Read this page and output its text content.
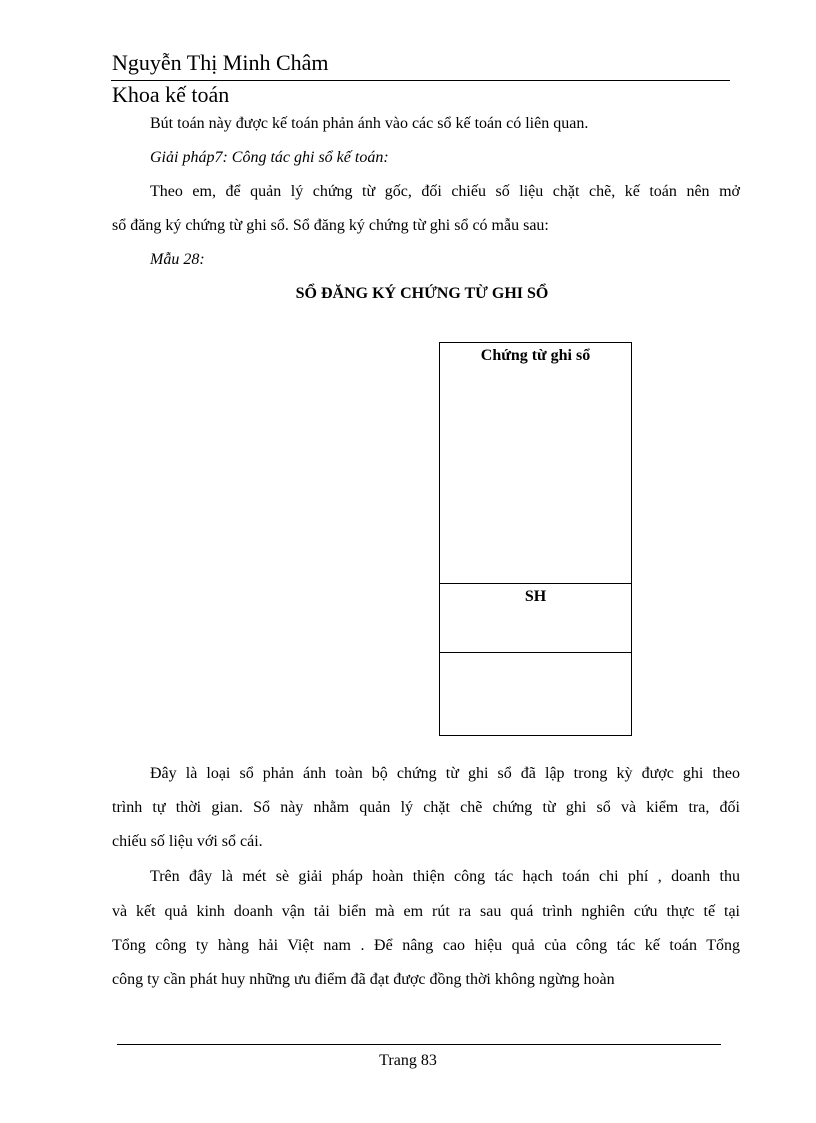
Nguyễn Thị Minh Châm
Khoa kế toán
Bút toán này được kế toán phản ánh vào các sổ kế toán có liên quan.
Giải pháp7: Công tác ghi sổ kế toán:
Theo em, để quản lý chứng từ gốc, đối chiếu số liệu chặt chẽ, kế toán nên mở
sổ đăng ký chứng từ ghi sổ. Sổ đăng ký chứng từ ghi sổ có mẫu sau:
Mẫu 28:
SỔ ĐĂNG KÝ CHỨNG TỪ GHI SỔ
Chứng từ ghi sổ
SH
Đây là loại sổ phản ánh toàn bộ chứng từ ghi sổ đã lập trong kỳ được ghi theo
trình tự thời gian. Sổ này nhằm quản lý chặt chẽ chứng từ ghi sổ và kiểm tra, đối
chiếu số liệu với sổ cái.
Trên đây là mét sè giải pháp hoàn thiện công tác hạch toán chi phí , doanh thu
và kết quả kinh doanh vận tải biển mà em rút ra sau quá trình nghiên cứu thực tế tại
Tổng công ty hàng hải Việt nam . Để nâng cao hiệu quả của công tác kế toán Tổng
công ty cần phát huy những ưu điểm đã đạt được đồng thời không ngừng hoàn
Trang 83
